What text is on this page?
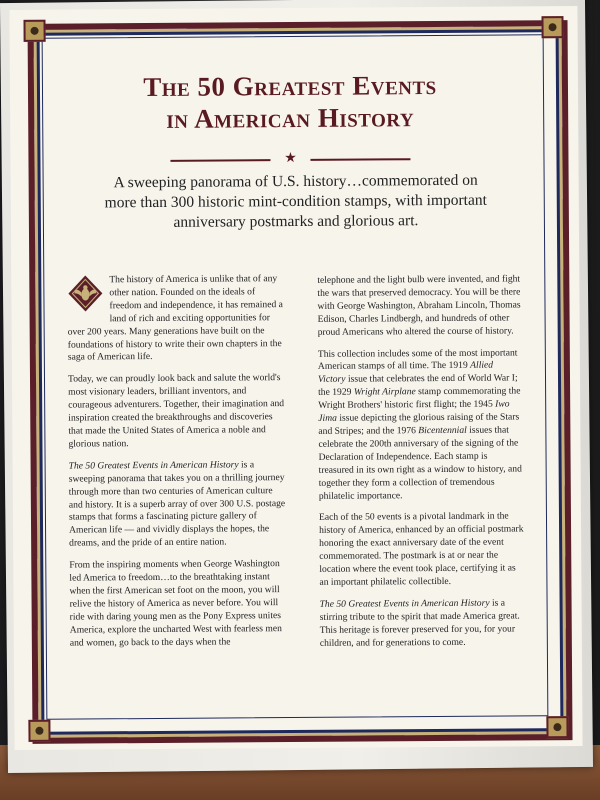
The 50 Greatest Events
in American History
★

A sweeping panorama of U.S. history…commemorated on more than 300 historic mint-condition stamps, with important anniversary postmarks and glorious art.

The history of America is unlike that of any other nation. Founded on the ideals of freedom and independence, it has remained a land of rich and exciting opportunities for over 200 years. Many generations have built on the foundations of history to write their own chapters in the saga of American life.

Today, we can proudly look back and salute the world's most visionary leaders, brilliant inventors, and courageous adventurers. Together, their imagination and inspiration created the breakthroughs and discoveries that made the United States of America a noble and glorious nation.

The 50 Greatest Events in American History is a sweeping panorama that takes you on a thrilling journey through more than two centuries of American culture and history. It is a superb array of over 300 U.S. postage stamps that forms a fascinating picture gallery of American life — and vividly displays the hopes, the dreams, and the pride of an entire nation.

From the inspiring moments when George Washington led America to freedom…to the breathtaking instant when the first American set foot on the moon, you will relive the history of America as never before. You will ride with daring young men as the Pony Express unites America, explore the uncharted West with fearless men and women, go back to the days when the

telephone and the light bulb were invented, and fight the wars that preserved democracy. You will be there with George Washington, Abraham Lincoln, Thomas Edison, Charles Lindbergh, and hundreds of other proud Americans who altered the course of history.

This collection includes some of the most important American stamps of all time. The 1919 Allied Victory issue that celebrates the end of World War I; the 1929 Wright Airplane stamp commemorating the Wright Brothers' historic first flight; the 1945 Iwo Jima issue depicting the glorious raising of the Stars and Stripes; and the 1976 Bicentennial issues that celebrate the 200th anniversary of the signing of the Declaration of Independence. Each stamp is treasured in its own right as a window to history, and together they form a collection of tremendous philatelic importance.

Each of the 50 events is a pivotal landmark in the history of America, enhanced by an official postmark honoring the exact anniversary date of the event commemorated. The postmark is at or near the location where the event took place, certifying it as an important philatelic collectible.

The 50 Greatest Events in American History is a stirring tribute to the spirit that made America great. This heritage is forever preserved for you, for your children, and for generations to come.
